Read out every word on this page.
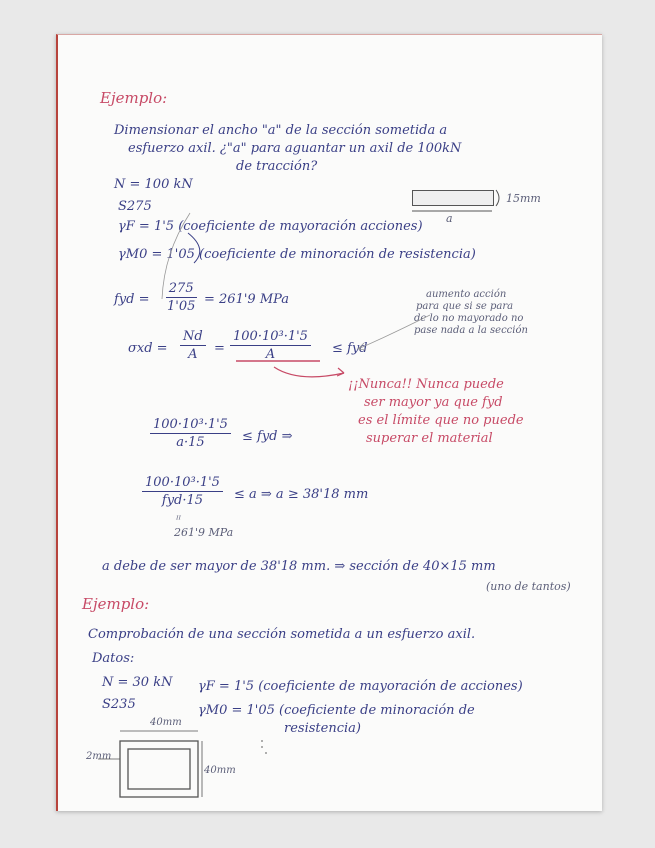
Ejemplo:
Dimensionar el ancho "a" de la sección sometida a
esfuerzo axil. ¿"a" para aguantar un axil de 100kN
de tracción?
N = 100 kN
S275
γF = 1'5 (coeficiente de mayoración acciones)
γM0 = 1'05 (coeficiente de minoración de resistencia)
15mm
a
fyd = $\frac{275}{1'05} = 261'9$ MPa	aumento acción
para que si se para
de lo no mayorado no
pase nada a la sección
$\sigma xd = \frac{Nd}{A} = \frac{\text{100·10³·1'5}}{A}$ ≤ fyd
¡¡Nunca!! Nunca puede
ser mayor ya que fyd
es el límite que no puede
superar el material
$\frac{\text{100·10³·1'5}}{a\cdot 15}$ ≤ fyd ⇒
100·10³·1'5
fyd·15 ≤ a ⇒ a ≥ 38'18 mm
ᴵᴵ
261'9 MPa
a debe de ser mayor de 38'18 mm. ⇒ sección de 40×15 mm
(uno de tantos)
Ejemplo:
Comprobación de una sección sometida a un esfuerzo axil.
Datos:
N = 30 kN γF = 1'5 (coeficiente de mayoración de acciones)
S235	γM0 = 1'05 (coeficiente de minoración de
resistencia)
40mm
40mm
2mm
